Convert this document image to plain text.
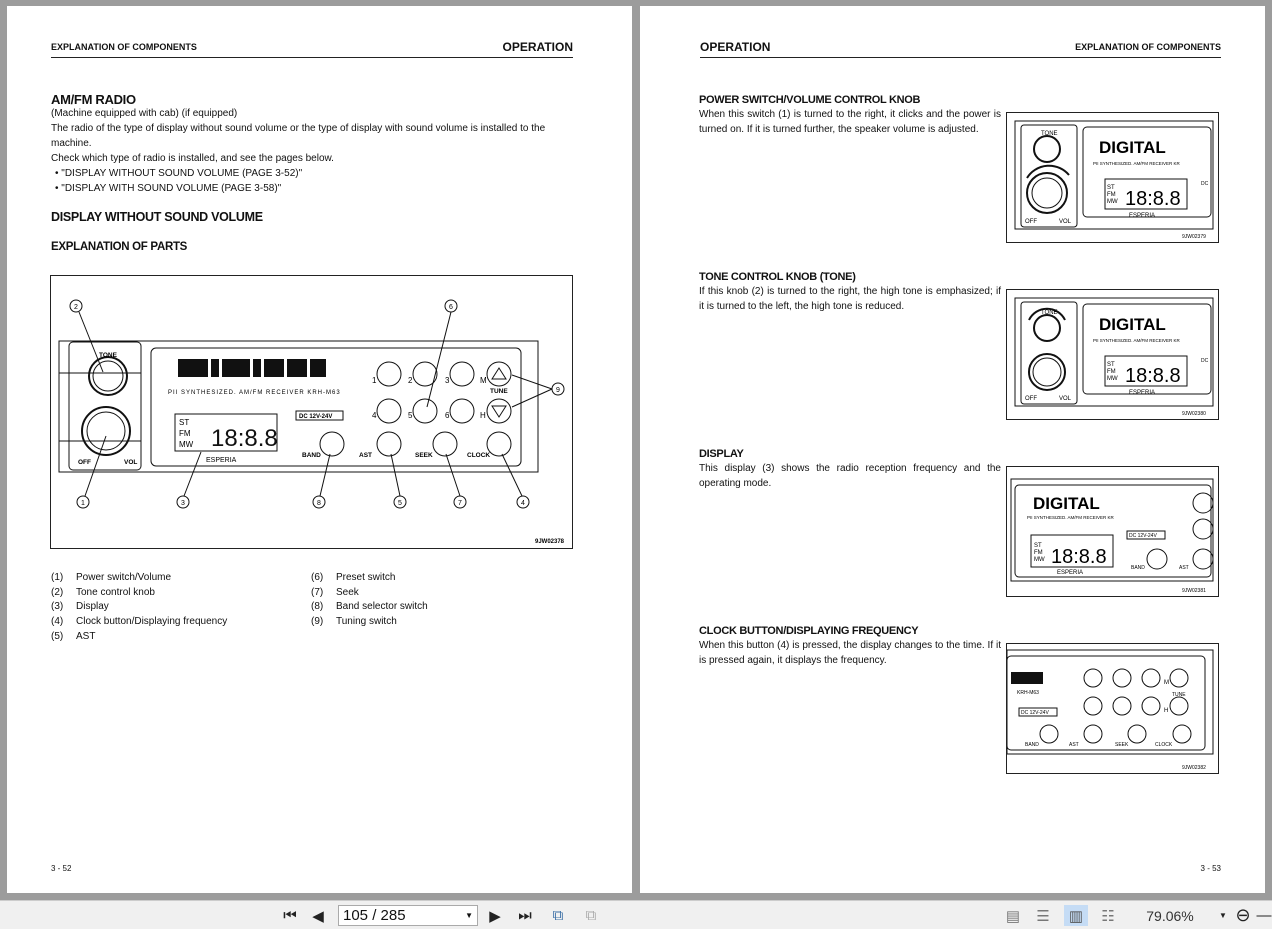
EXPLANATION OF COMPONENTS	OPERATION
AM/FM RADIO
(Machine equipped with cab) (if equipped)
The radio of the type of display without sound volume or the type of display with sound volume is installed to the machine.
Check which type of radio is installed, and see the pages below.
• "DISPLAY WITHOUT SOUND VOLUME (PAGE 3-52)"
• "DISPLAY WITH SOUND VOLUME (PAGE 3-58)"
DISPLAY WITHOUT SOUND VOLUME
EXPLANATION OF PARTS
2	6
9
1	3	8	5	7	4
TONE
OFF	VOL
PII SYNTHESIZED. AM/FM RECEIVER KRH-M63
DC 12V-24V
ST
FM
MW
ESPERIA
BAND	AST	SEEK	CLOCK
TUNE
M
H
1	2	3
4	5	6
9JW02378
18:8.8
(1)	Power switch/Volume
(2)	Tone control knob
(3)	Display
(4)	Clock button/Displaying frequency
(5)	AST
(6)	Preset switch
(7)	Seek
(8)	Band selector switch
(9)	Tuning switch
3 - 52
OPERATION	EXPLANATION OF COMPONENTS
POWER SWITCH/VOLUME CONTROL KNOB
When this switch (1) is turned to the right, it clicks and the power is turned on. If it is turned further, the speaker volume is adjusted.	TONE
OFF	VOL
DIGITAL
PII SYNTHESIZED. AM/FM RECEIVER KR
ST
FM
MW 18:8.8
ESPERIA
DC
9JW02379
TONE CONTROL KNOB (TONE)
If this knob (2) is turned to the right, the high tone is emphasized; if it is turned to the left, the high tone is reduced.
TONE
OFF	VOL
DIGITAL
PII SYNTHESIZED. AM/FM RECEIVER KR
ST
FM
MW 18:8.8
ESPERIA
DC
9JW02380
DISPLAY
This display (3) shows the radio reception frequency and the operating mode.
DIGITAL
PII SYNTHESIZED. AM/FM RECEIVER KR
DC 12V-24V
ST
FM
MW 18:8.8
ESPERIA
BAND	AST
9JW02381
CLOCK BUTTON/DISPLAYING FREQUENCY
When this button (4) is pressed, the display changes to the time. If it is pressed again, it displays the frequency.
KRH-M63
DC 12V-24V
BAND	AST	SEEK	CLOCK
TUNE
M
H
9JW02382
3 - 53
⏮ ◀	105 / 285	▼ ▶ ⏭	⧉	⧉	▤ ☰	▥	☷	79.06%	▼ ⊖ —
